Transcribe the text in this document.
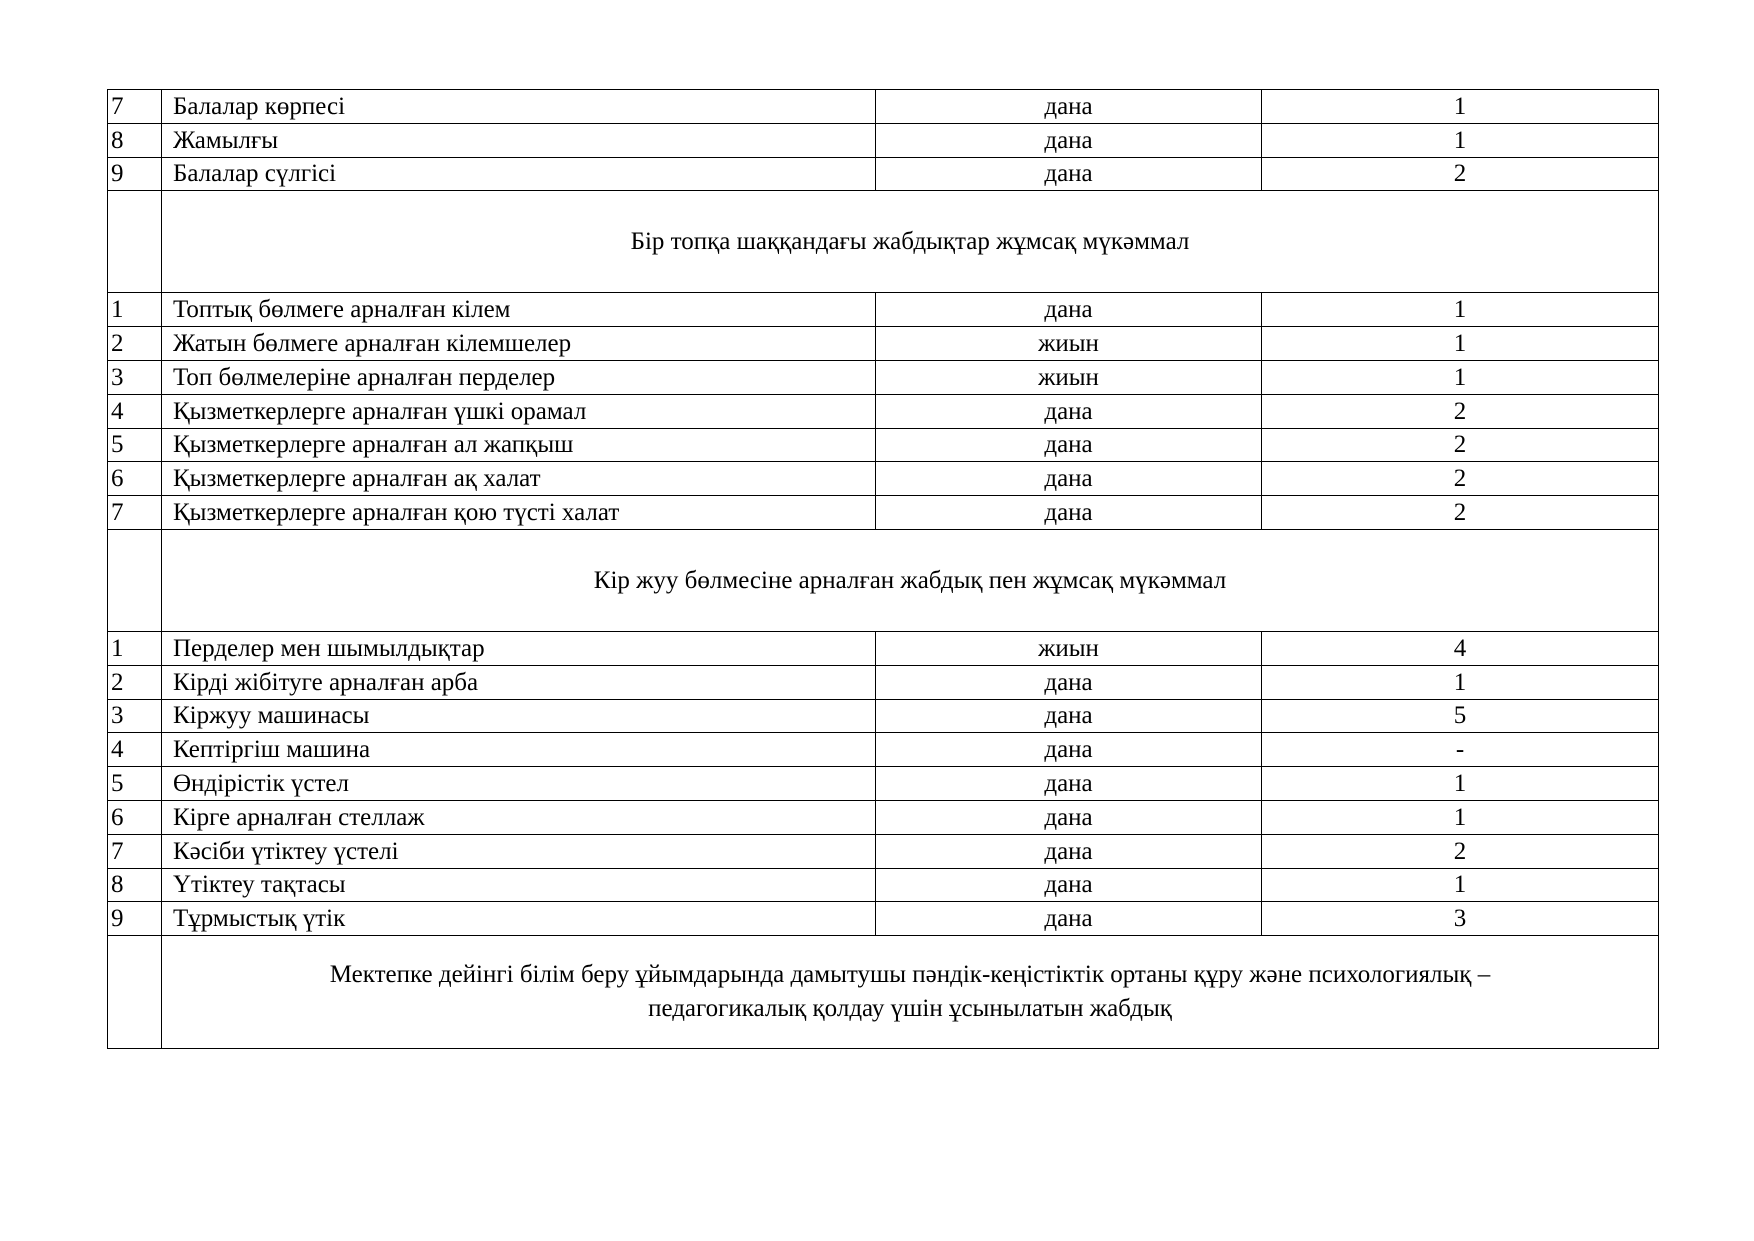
7	Балалар көрпесі	дана	1
8	Жамылғы	дана	1
9	Балалар сүлгісі	дана	2
	Бір топқа шаққандағы жабдықтар жұмсақ мүкәммал		
1	Топтық бөлмеге арналған кілем	дана	1
2	Жатын бөлмеге арналған кілемшелер	жиын	1
3	Топ бөлмелеріне арналған перделер	жиын	1
4	Қызметкерлерге арналған үшкі орамал	дана	2
5	Қызметкерлерге арналған ал жапқыш	дана	2
6	Қызметкерлерге арналған ақ халат	дана	2
7	Қызметкерлерге арналған қою түсті халат	дана	2
	Кір жуу бөлмесіне арналған жабдық пен жұмсақ мүкәммал		
1	Перделер мен шымылдықтар	жиын	4
2	Кірді жібітуге арналған арба	дана	1
3	Кіржуу машинасы	дана	5
4	Кептіргіш машина	дана	-
5	Өндірістік үстел	дана	1
6	Кірге арналған стеллаж	дана	1
7	Кәсіби үтіктеу үстелі	дана	2
8	Үтіктеу тақтасы	дана	1
9	Тұрмыстық үтік	дана	3

	Мектепке дейінгі білім беру ұйымдарында дамытушы пәндік-кеңістіктік ортаны құру және психологиялық –
педагогикалық қолдау үшін ұсынылатын жабдық		
